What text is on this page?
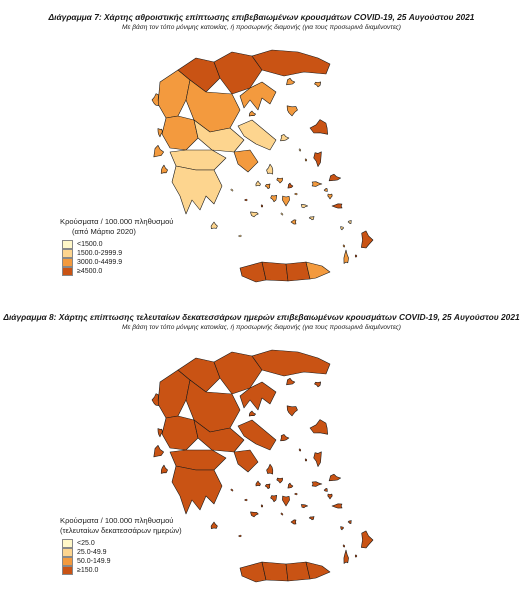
Διάγραμμα 7: Χάρτης αθροιστικής επίπτωσης επιβεβαιωμένων κρουσμάτων COVID-19, 25 Αυγούστου 2021
Με βάση τον τόπο μόνιμης κατοικίας, ή προσωρινής διαμονής (για τους προσωρινά διαμένοντες)
Κρούσματα / 100.000 πληθυσμού
(από Μάρτιο 2020)
<1500.0
1500.0-2999.9
3000.0-4499.9
≥4500.0
Διάγραμμα 8: Χάρτης επίπτωσης τελευταίων δεκατεσσάρων ημερών επιβεβαιωμένων κρουσμάτων COVID-19, 25 Αυγούστου 2021
Με βάση τον τόπο μόνιμης κατοικίας, ή προσωρινής διαμονής (για τους προσωρινά διαμένοντες)
Κρούσματα / 100.000 πληθυσμού
(τελευταίων δεκατεσσάρων ημερών)
<25.0
25.0-49.9
50.0-149.9
≥150.0
